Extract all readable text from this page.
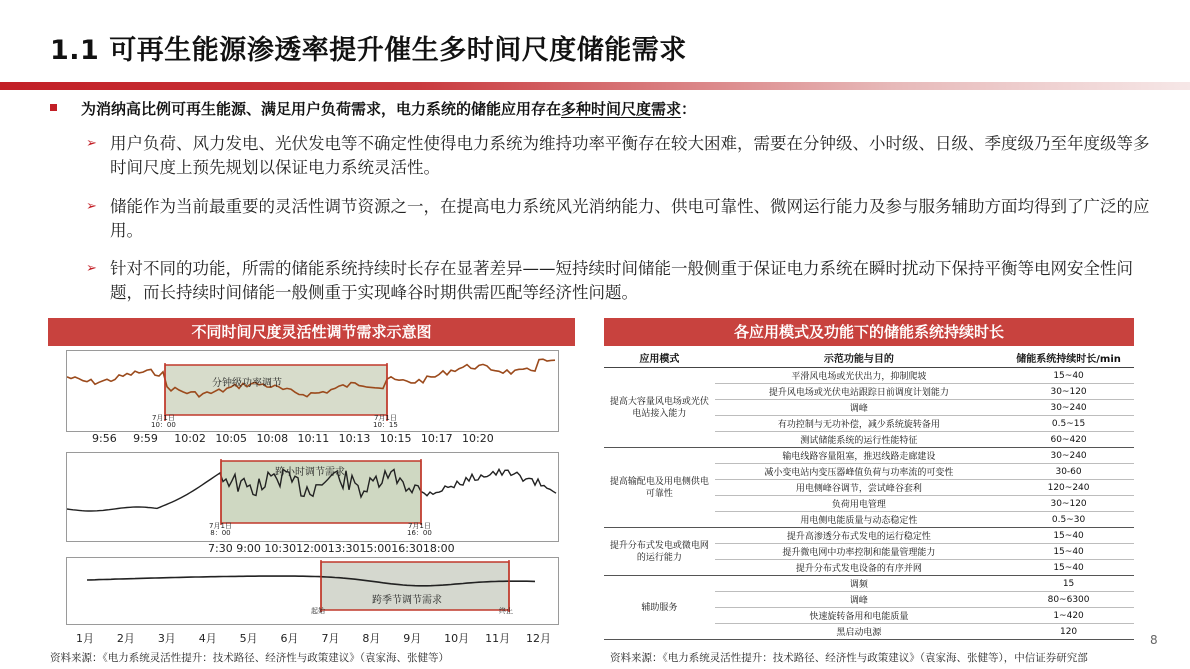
1.1 可再生能源渗透率提升催生多时间尺度储能需求
为消纳高比例可再生能源、满足用户负荷需求，电力系统的储能应用存在多种时间尺度需求：
➢ 用户负荷、风力发电、光伏发电等不确定性使得电力系统为维持功率平衡存在较大困难，需要在分钟级、小时级、日级、季度级乃至年度级等多时间尺度上预先规划以保证电力系统灵活性。
➢ 储能作为当前最重要的灵活性调节资源之一，在提高电力系统风光消纳能力、供电可靠性、微网运行能力及参与服务辅助方面均得到了广泛的应用。
➢ 针对不同的功能，所需的储能系统持续时长存在显著差异——短持续时间储能一般侧重于保证电力系统在瞬时扰动下保持平衡等电网安全性问题，而长持续时间储能一般侧重于实现峰谷时期供需匹配等经济性问题。
不同时间尺度灵活性调节需求示意图
分钟级功率调节
7月1日
10：00
7月1日
10：15
9:56 9:59 10:02 10:05 10:08 10:11 10:13 10:15 10:17 10:20
跨小时调节需求
7月1日
8：00
7月1日
16：00
7:30 9:00 10:3012:0013:3015:0016:3018:00
跨季节调节需求
起始	终止
1月 2月 3月 4月 5月 6月 7月 8月 9月 10月 11月 12月
资料来源：《电力系统灵活性提升：技术路径、经济性与政策建议》（袁家海、张健等）
各应用模式及功能下的储能系统持续时长
应用模式	示范功能与目的	储能系统持续时长/min
提高大容量风电场或光伏电站接入能力	平滑风电场或光伏出力，抑制爬坡	15~40
	提升风电场或光伏电站跟踪日前调度计划能力	30~120
	调峰	30~240
	有功控制与无功补偿，减少系统旋转备用	0.5~15
	测试储能系统的运行性能特征	60~420
提高输配电及用电侧供电可靠性	输电线路容量阻塞，推迟线路走廊建设	30~240
	减小变电站内变压器峰值负荷与功率流的可变性	30-60
	用电侧峰谷调节，尝试峰谷套利	120~240
	负荷用电管理	30~120
	用电侧电能质量与动态稳定性	0.5~30
提升分布式发电或微电网的运行能力	提升高渗透分布式发电的运行稳定性	15~40
	提升微电网中功率控制和能量管理能力	15~40
	提升分布式发电设备的有序并网	15~40
辅助服务	调频	15
	调峰	80~6300
	快速旋转备用和电能质量	1~420
	黑启动电源	120
资料来源：《电力系统灵活性提升：技术路径、经济性与政策建议》（袁家海、张健等），中信证券研究部
8
